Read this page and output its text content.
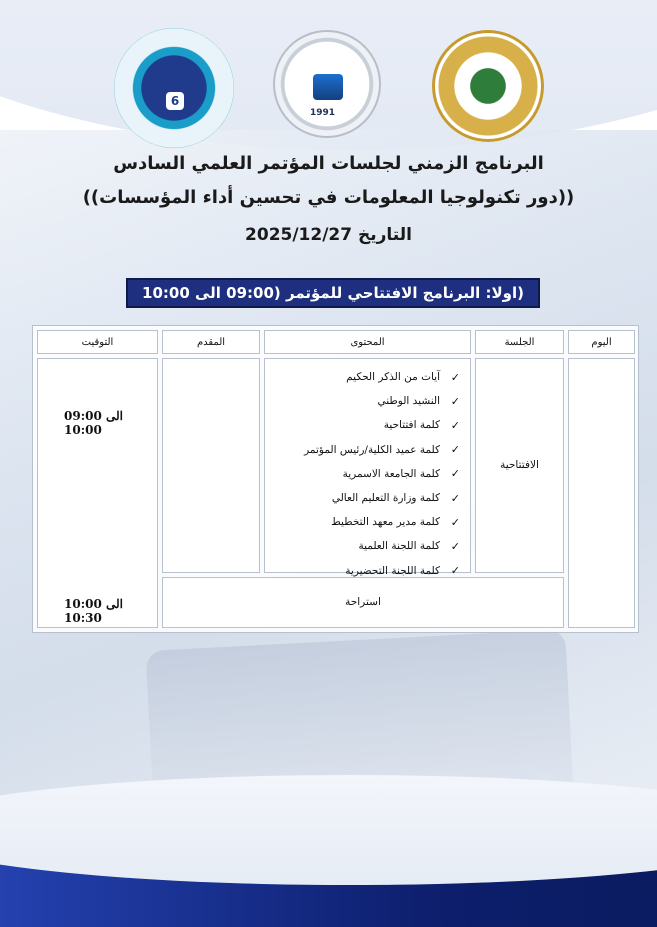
6
1991
البرنامج الزمني لجلسات المؤتمر العلمي السادس
((دور تكنولوجيا المعلومات في تحسين أداء المؤسسات))
التاريخ 2025/12/27
(اولا: البرنامج الافتتاحي للمؤتمر (09:00 الى 10:00
اليوم
الجلسة
المحتوى
المقدم
التوقيت
الافتتاحية
✓
آيات من الذكر الحكيم
✓
النشيد الوطني
✓
كلمة افتتاحية
✓
كلمة عميد الكلية/رئيس المؤتمر
✓
كلمة الجامعة الاسمرية
✓
كلمة وزارة التعليم العالي
✓
كلمة مدير معهد التخطيط
✓
كلمة اللجنة العلمية
✓
كلمة اللجنة التحضيرية
09:00 الى 10:00
10:00 الى 10:30
استراحة
